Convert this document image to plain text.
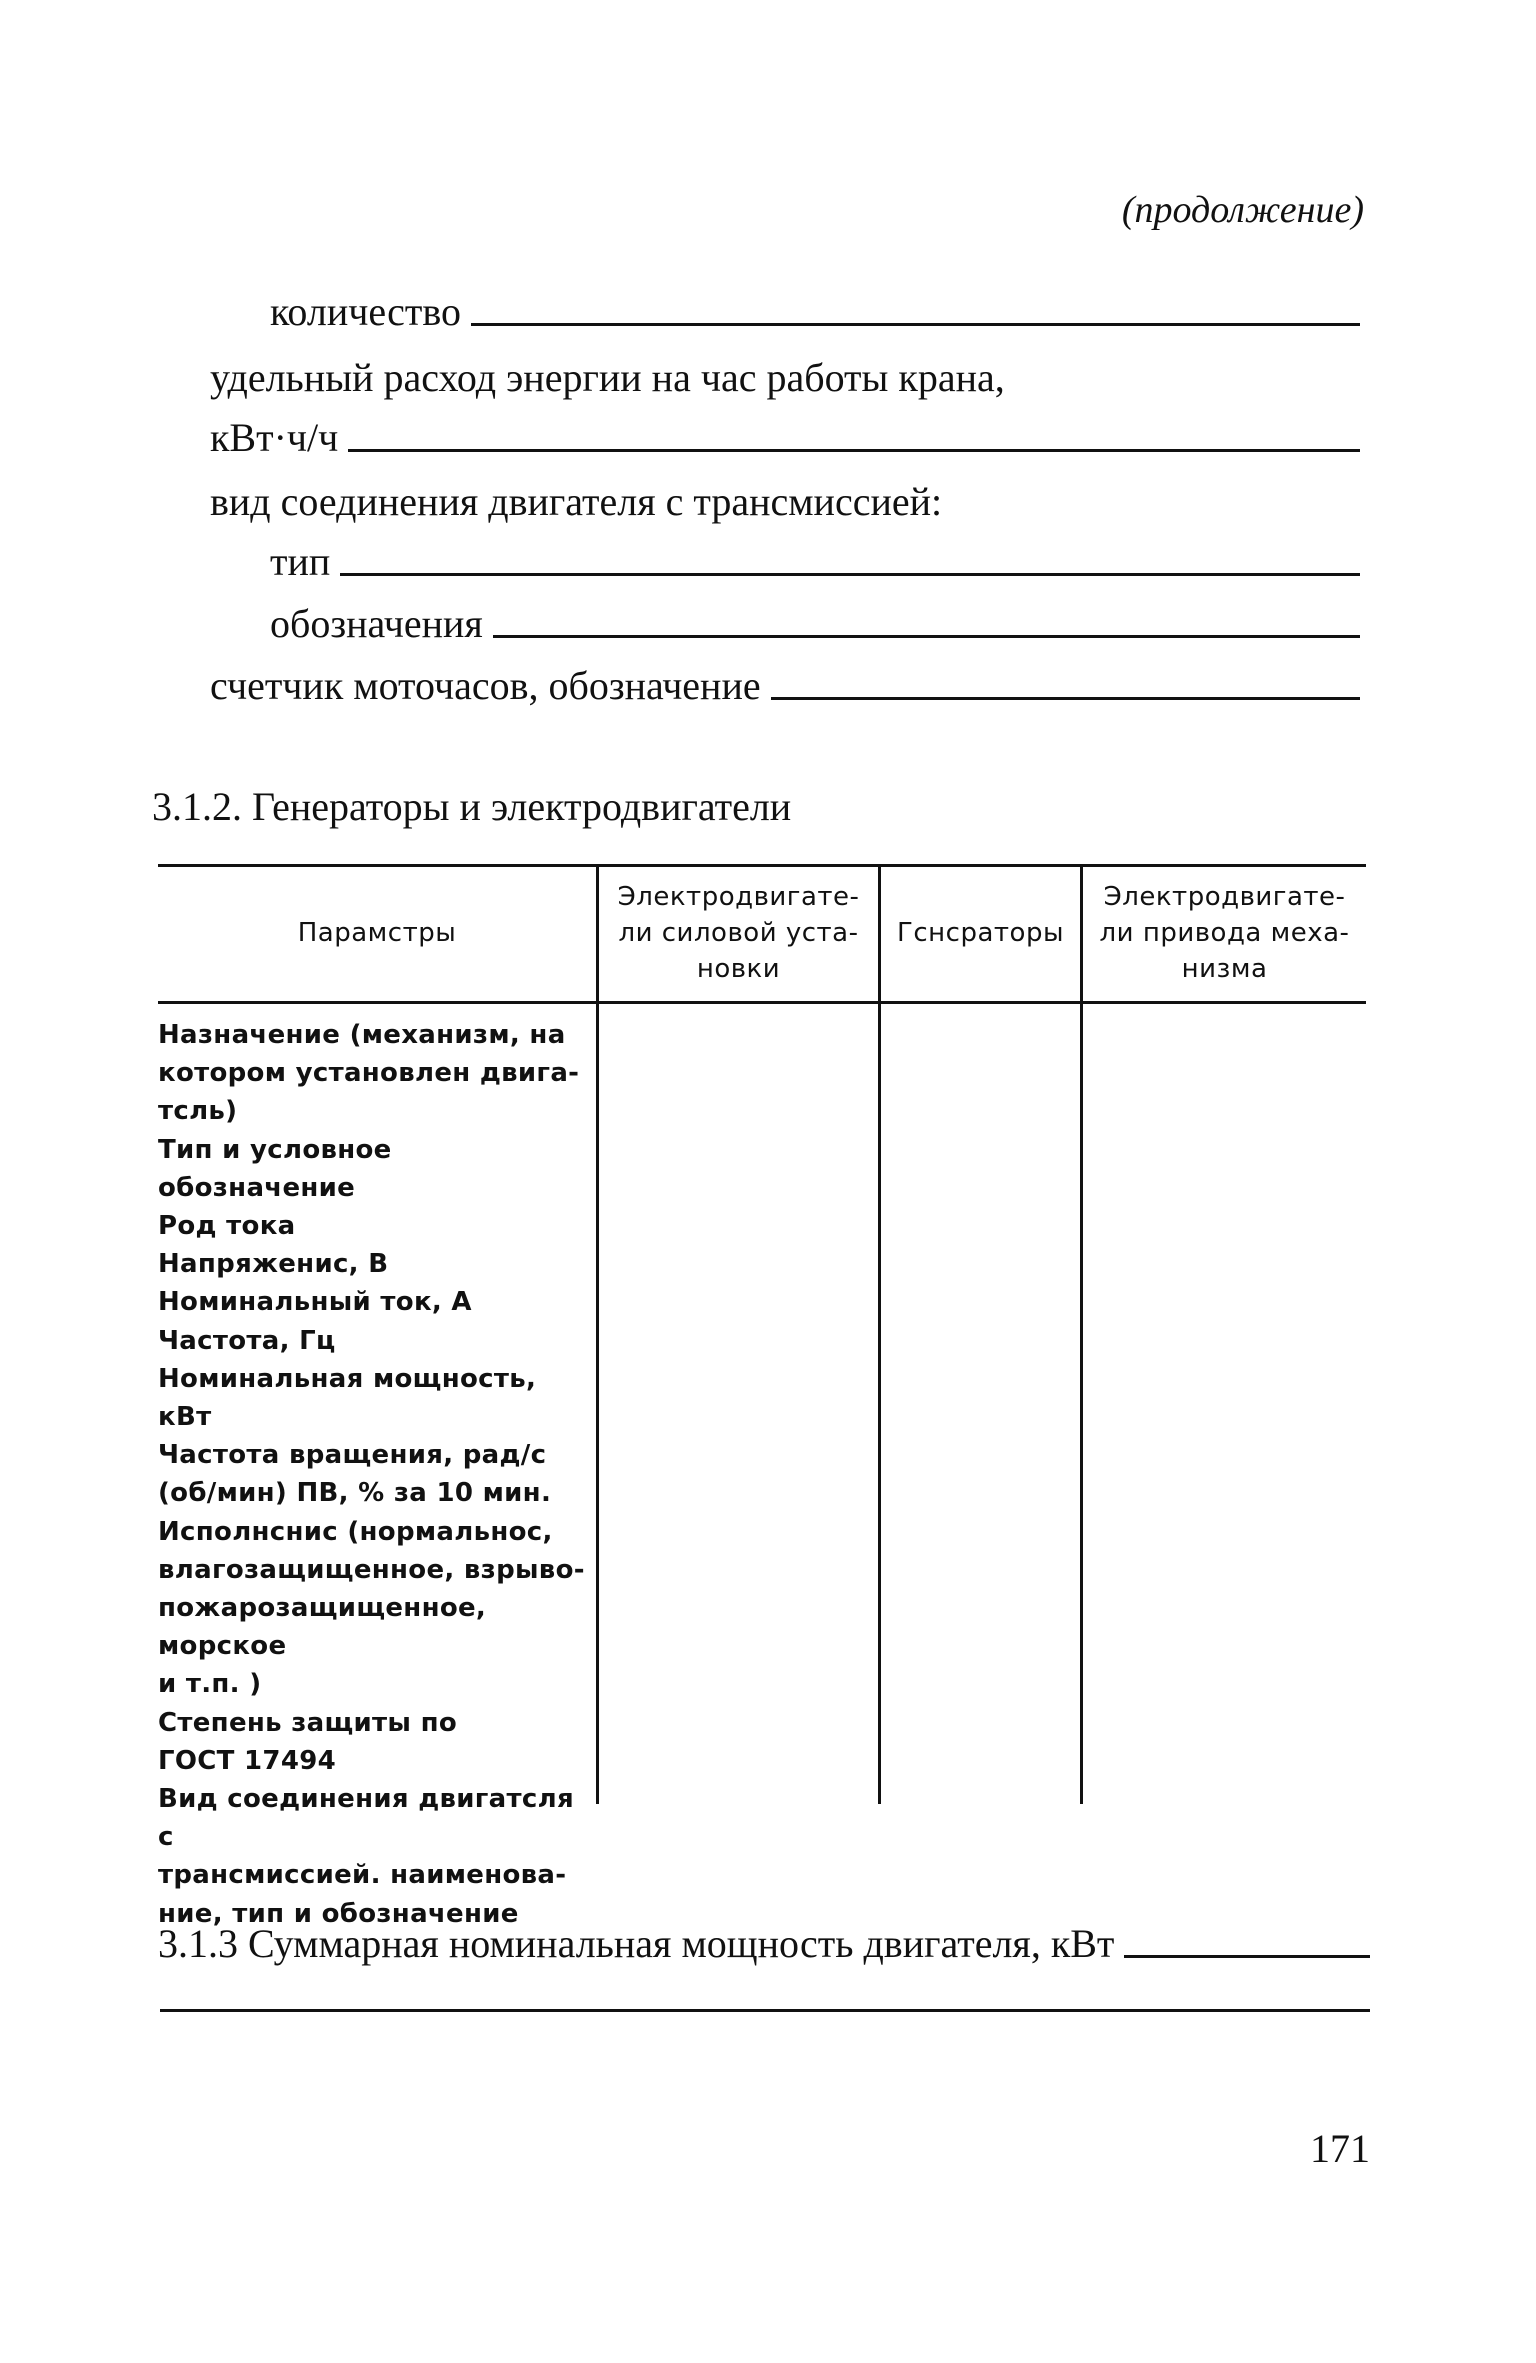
(продолжение)
количество
удельный расход энергии на час работы крана,
кВт·ч/ч
вид соединения двигателя с трансмиссией:
тип
обозначения
счетчик моточасов, обозначение
3.1.2. Генераторы и электродвигатели
Парамстры
Электродвигате-
ли силовой уста-
новки
Гснсраторы
Электродвигате-
ли привода меха-
низма
Назначение (механизм, на
котором установлен двига-
тсль)
Тип и условное обозначение
Род тока
Напряженис, В
Номинальный ток, А
Частота, Гц
Номинальная мощность, кВт
Частота вращения, рад/с
(об/мин) ПВ, % за 10 мин.
Исполнснис (нормальнос,
влагозащищенное, взрыво-
пожарозащищенное, морское
и т.п. )
Степень защиты по
ГОСТ 17494
Вид соединения двигатсля с
трансмиссией. наименова-
ние, тип и обозначение
3.1.3 Суммарная номинальная мощность двигателя, кВт
171
